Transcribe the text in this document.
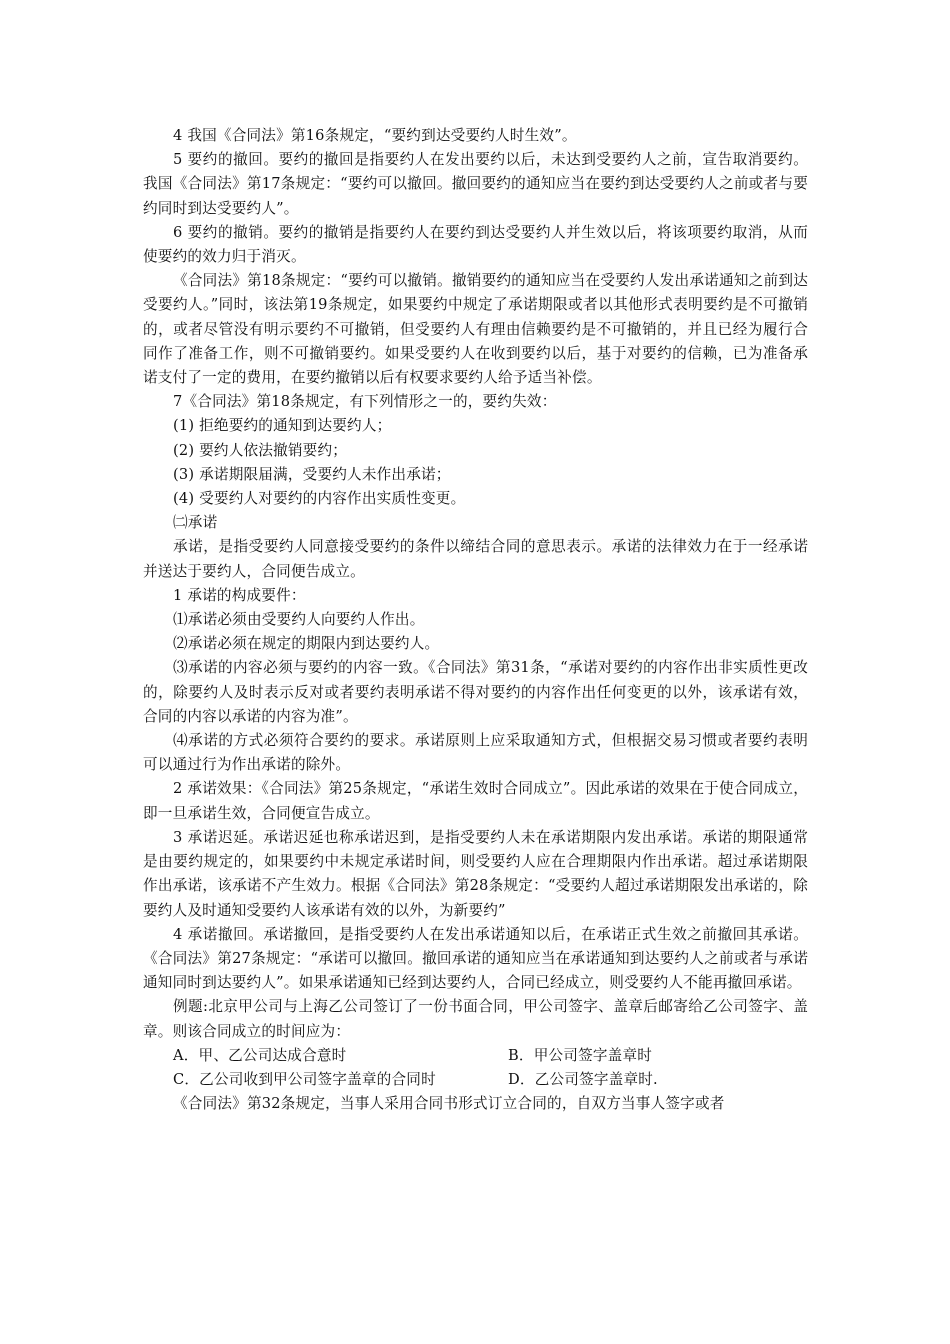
4 我国《合同法》第16条规定，“要约到达受要约人时生效”。

5 要约的撤回。要约的撤回是指要约人在发出要约以后，未达到受要约人之前，宣告取消要约。我国《合同法》第17条规定：“要约可以撤回。撤回要约的通知应当在要约到达受要约人之前或者与要约同时到达受要约人”。

6 要约的撤销。要约的撤销是指要约人在要约到达受要约人并生效以后，将该项要约取消，从而使要约的效力归于消灭。

《合同法》第18条规定：“要约可以撤销。撤销要约的通知应当在受要约人发出承诺通知之前到达受要约人。”同时，该法第19条规定，如果要约中规定了承诺期限或者以其他形式表明要约是不可撤销的，或者尽管没有明示要约不可撤销，但受要约人有理由信赖要约是不可撤销的，并且已经为履行合同作了准备工作，则不可撤销要约。如果受要约人在收到要约以后，基于对要约的信赖，已为准备承诺支付了一定的费用，在要约撤销以后有权要求要约人给予适当补偿。

7《合同法》第18条规定，有下列情形之一的，要约失效：

(1) 拒绝要约的通知到达要约人；

(2) 要约人依法撤销要约；

(3) 承诺期限届满，受要约人未作出承诺；

(4) 受要约人对要约的内容作出实质性变更。

㈡承诺

承诺，是指受要约人同意接受要约的条件以缔结合同的意思表示。承诺的法律效力在于一经承诺并送达于要约人，合同便告成立。

1 承诺的构成要件：

⑴承诺必须由受要约人向要约人作出。

⑵承诺必须在规定的期限内到达要约人。

⑶承诺的内容必须与要约的内容一致。《合同法》第31条，“承诺对要约的内容作出非实质性更改的，除要约人及时表示反对或者要约表明承诺不得对要约的内容作出任何变更的以外，该承诺有效，合同的内容以承诺的内容为准”。

⑷承诺的方式必须符合要约的要求。承诺原则上应采取通知方式，但根据交易习惯或者要约表明可以通过行为作出承诺的除外。

2 承诺效果：《合同法》第25条规定，“承诺生效时合同成立”。因此承诺的效果在于使合同成立，即一旦承诺生效，合同便宣告成立。

3 承诺迟延。承诺迟延也称承诺迟到，是指受要约人未在承诺期限内发出承诺。承诺的期限通常是由要约规定的，如果要约中未规定承诺时间，则受要约人应在合理期限内作出承诺。超过承诺期限作出承诺，该承诺不产生效力。根据《合同法》第28条规定：“受要约人超过承诺期限发出承诺的，除要约人及时通知受要约人该承诺有效的以外，为新要约”

4 承诺撤回。承诺撤回，是指受要约人在发出承诺通知以后，在承诺正式生效之前撤回其承诺。《合同法》第27条规定：“承诺可以撤回。撤回承诺的通知应当在承诺通知到达要约人之前或者与承诺通知同时到达要约人”。如果承诺通知已经到达要约人，合同已经成立，则受要约人不能再撤回承诺。

例题:北京甲公司与上海乙公司签订了一份书面合同，甲公司签字、盖章后邮寄给乙公司签字、盖章。则该合同成立的时间应为：

A．甲、乙公司达成合意时	B．甲公司签字盖章时
C．乙公司收到甲公司签字盖章的合同时	D．乙公司签字盖章时.

《合同法》第32条规定，当事人采用合同书形式订立合同的，自双方当事人签字或者
